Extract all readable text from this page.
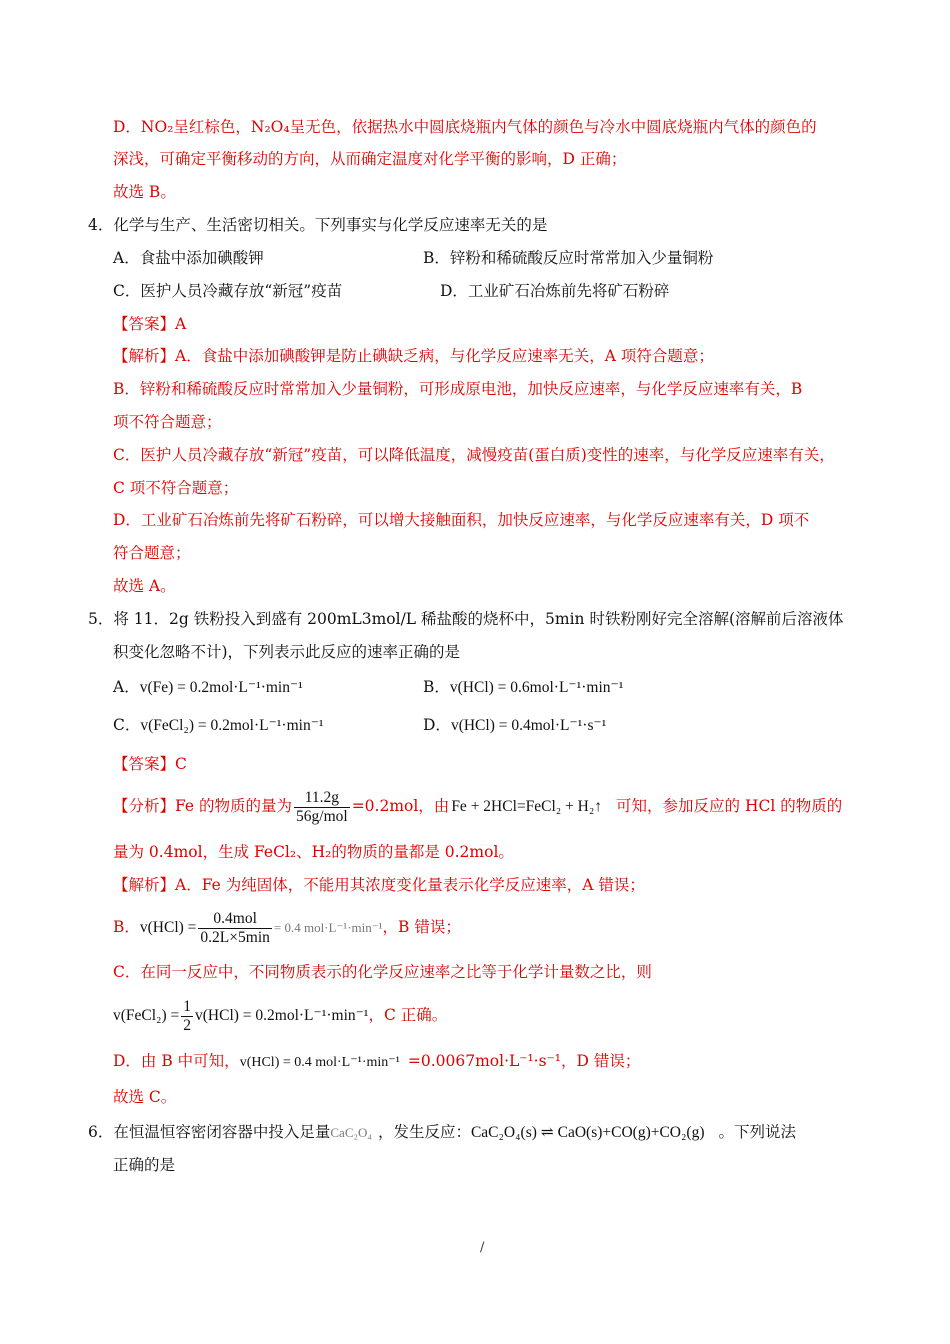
D．NO₂呈红棕色，N₂O₄呈无色，依据热水中圆底烧瓶内气体的颜色与冷水中圆底烧瓶内气体的颜色的
深浅，可确定平衡移动的方向，从而确定温度对化学平衡的影响，D 正确；
故选 B。
4．化学与生产、生活密切相关。下列事实与化学反应速率无关的是
A．食盐中添加碘酸钾	B．锌粉和稀硫酸反应时常常加入少量铜粉
C．医护人员冷藏存放“新冠”疫苗	D．工业矿石冶炼前先将矿石粉碎
【答案】A
【解析】A．食盐中添加碘酸钾是防止碘缺乏病，与化学反应速率无关，A 项符合题意；
B．锌粉和稀硫酸反应时常常加入少量铜粉，可形成原电池，加快反应速率，与化学反应速率有关，B
项不符合题意；
C．医护人员冷藏存放“新冠”疫苗，可以降低温度，减慢疫苗(蛋白质)变性的速率，与化学反应速率有关，
C 项不符合题意；
D．工业矿石冶炼前先将矿石粉碎，可以增大接触面积，加快反应速率，与化学反应速率有关，D 项不
符合题意；
故选 A。
5．将 11．2g 铁粉投入到盛有 200mL3mol/L 稀盐酸的烧杯中，5min 时铁粉刚好完全溶解(溶解前后溶液体
积变化忽略不计)，下列表示此反应的速率正确的是
A．v(Fe) = 0.2mol·L⁻¹·min⁻¹	B．v(HCl) = 0.6mol·L⁻¹·min⁻¹
C．v(FeCl₂) = 0.2mol·L⁻¹·min⁻¹	D．v(HCl) = 0.4mol·L⁻¹·s⁻¹
【答案】C
【分析】Fe 的物质的量为 $\frac{11.2g}{\text{56g/mol}} =0.2mol$，由 Fe + 2HCl=FeCl₂ + H₂↑ 可知，参加反应的 HCl 的物质的
量为 0.4mol，生成 FeCl₂、H₂的物质的量都是 0.2mol。
【解析】A．Fe 为纯固体，不能用其浓度变化量表示化学反应速率，A 错误；
B．$v(HCl) = \frac{\text{0.4mol}}{0.2L\times 5\min} = 0.4$ mol·L⁻¹·min⁻¹，B 错误；
C．在同一反应中，不同物质表示的化学反应速率之比等于化学计量数之比，则
v(FeCl₂) = $\frac{1}{2} v(HCl) = 0.2mol\cdot L^{-1}\cdot\min^{-1}$，C 正确。
D．由 B 中可知，v(HCl) = 0.4 mol·L⁻¹·min⁻¹ =0.0067mol·L⁻¹·s⁻¹，D 错误；
故选 C。
6．在恒温恒容密闭容器中投入足量CaC₂O₄ ，发生反应：CaC₂O₄(s) ⇌ CaO(s)+CO(g)+CO₂(g) 。下列说法
正确的是
/
